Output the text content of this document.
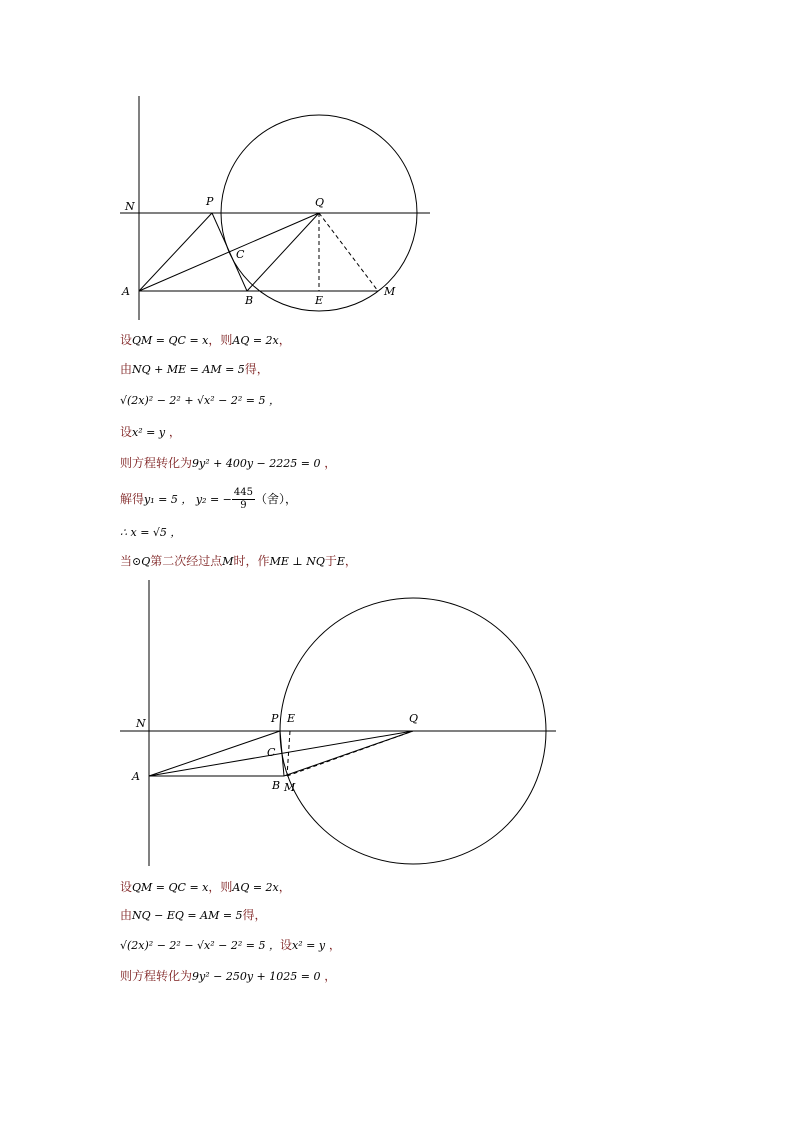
N	P	Q
C
A
B	E
M
设QM = QC = x，则AQ = 2x，
由NQ + ME = AM = 5得，
√(2x)² − 2² + √x² − 2² = 5 ，
设x² = y ，
则方程转化为9y² + 400y − 2225 = 0 ，
解得y₁ = 5 ， y₂ = − $\frac{445}{9}$ （舍），
∴ x = √5 ，
当⊙Q第二次经过点M时，作ME ⊥ NQ于E，
N	P E	Q
C
A
B M
设QM = QC = x，则AQ = 2x，
由NQ − EQ = AM = 5得，
√(2x)² − 2² − √x² − 2² = 5 ，设x² = y ，
则方程转化为9y² − 250y + 1025 = 0 ，
